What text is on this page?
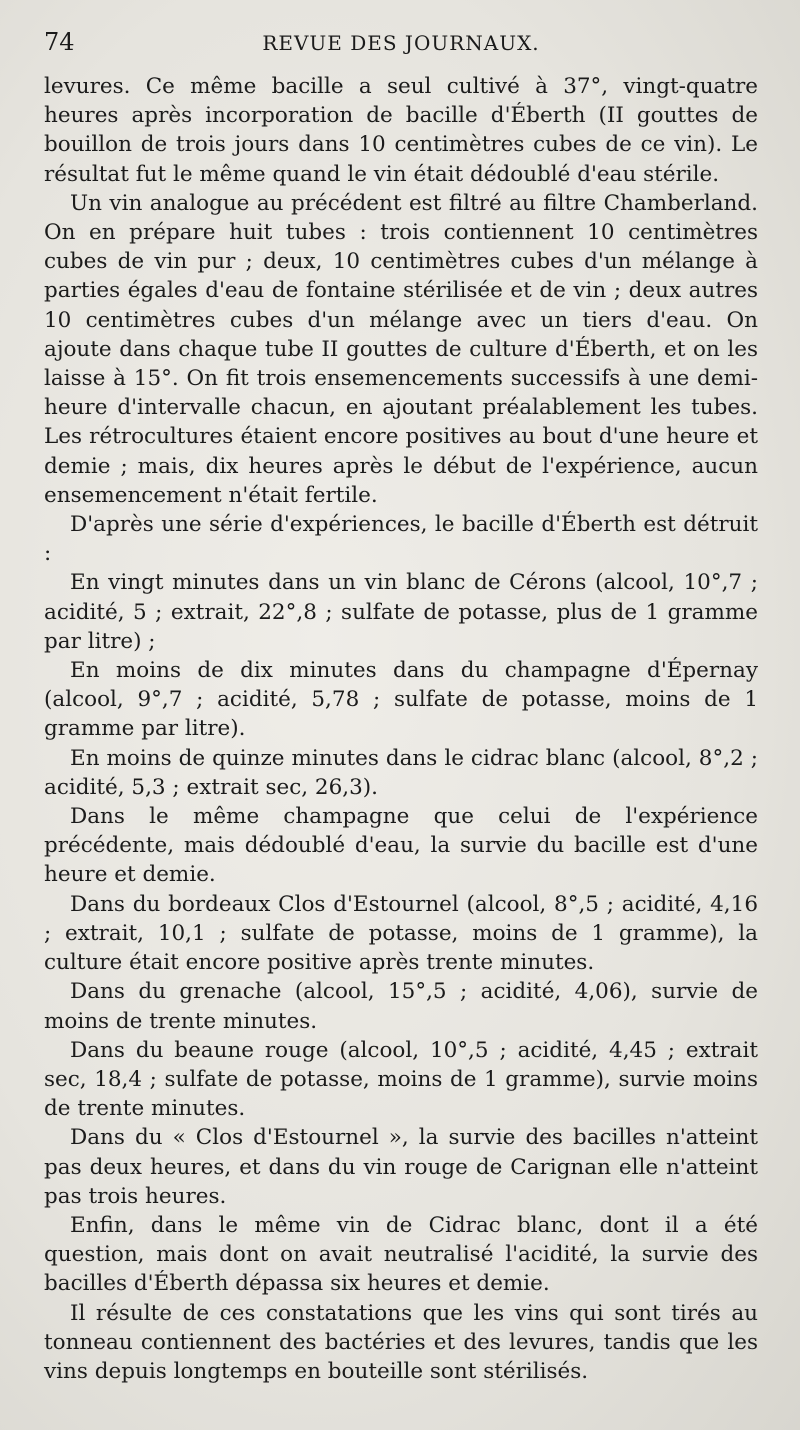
74	REVUE DES JOURNAUX.

levures. Ce même bacille a seul cultivé à 37°, vingt-quatre heures après incorporation de bacille d'Éberth (II gouttes de bouillon de trois jours dans 10 centimètres cubes de ce vin). Le résultat fut le même quand le vin était dédoublé d'eau stérile.

Un vin analogue au précédent est filtré au filtre Chamberland. On en prépare huit tubes : trois contiennent 10 centimètres cubes de vin pur ; deux, 10 centimètres cubes d'un mélange à parties égales d'eau de fontaine stérilisée et de vin ; deux autres 10 centimètres cubes d'un mélange avec un tiers d'eau. On ajoute dans chaque tube II gouttes de culture d'Éberth, et on les laisse à 15°. On fit trois ensemencements successifs à une demi-heure d'intervalle chacun, en ajoutant préalablement les tubes. Les rétrocultures étaient encore positives au bout d'une heure et demie ; mais, dix heures après le début de l'expérience, aucun ensemencement n'était fertile.

D'après une série d'expériences, le bacille d'Éberth est détruit :

En vingt minutes dans un vin blanc de Cérons (alcool, 10°,7 ; acidité, 5 ; extrait, 22°,8 ; sulfate de potasse, plus de 1 gramme par litre) ;

En moins de dix minutes dans du champagne d'Épernay (alcool, 9°,7 ; acidité, 5,78 ; sulfate de potasse, moins de 1 gramme par litre).

En moins de quinze minutes dans le cidrac blanc (alcool, 8°,2 ; acidité, 5,3 ; extrait sec, 26,3).

Dans le même champagne que celui de l'expérience précédente, mais dédoublé d'eau, la survie du bacille est d'une heure et demie.

Dans du bordeaux Clos d'Estournel (alcool, 8°,5 ; acidité, 4,16 ; extrait, 10,1 ; sulfate de potasse, moins de 1 gramme), la culture était encore positive après trente minutes.

Dans du grenache (alcool, 15°,5 ; acidité, 4,06), survie de moins de trente minutes.

Dans du beaune rouge (alcool, 10°,5 ; acidité, 4,45 ; extrait sec, 18,4 ; sulfate de potasse, moins de 1 gramme), survie moins de trente minutes.

Dans du « Clos d'Estournel », la survie des bacilles n'atteint pas deux heures, et dans du vin rouge de Carignan elle n'atteint pas trois heures.

Enfin, dans le même vin de Cidrac blanc, dont il a été question, mais dont on avait neutralisé l'acidité, la survie des bacilles d'Éberth dépassa six heures et demie.

Il résulte de ces constatations que les vins qui sont tirés au tonneau contiennent des bactéries et des levures, tandis que les vins depuis longtemps en bouteille sont stérilisés.
